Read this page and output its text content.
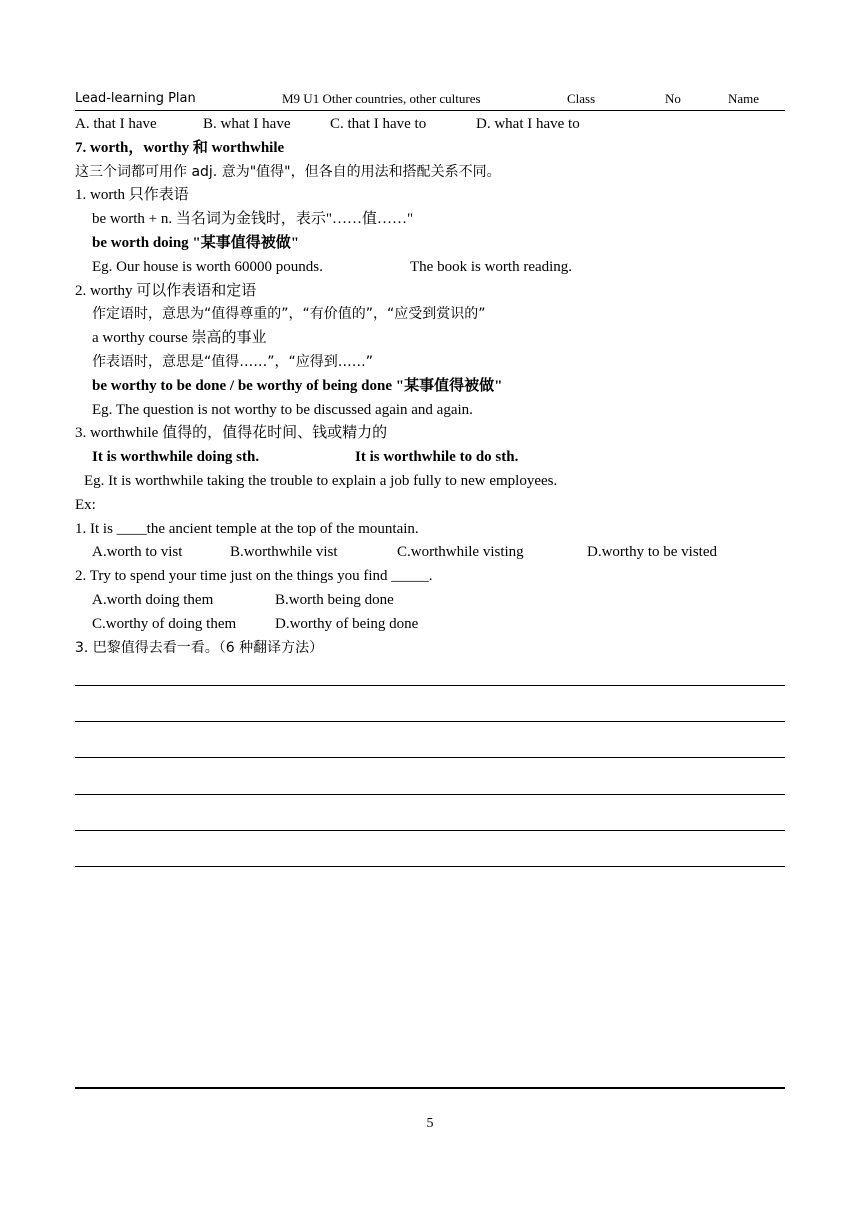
Lead-learning Plan	M9 U1 Other countries, other cultures	Class	No	Name
A. that I have	B. what I have	C. that I have to	D. what I have to
7. worth，worthy 和 worthwhile
这三个词都可用作 adj. 意为"值得"，但各自的用法和搭配关系不同。
1. worth 只作表语
be worth + n. 当名词为金钱时，表示"……值……"
be worth doing "某事值得被做"
Eg. Our house is worth 60000 pounds.	The book is worth reading.
2. worthy 可以作表语和定语
作定语时，意思为“值得尊重的”，“有价值的”，“应受到赏识的”
a worthy course 崇高的事业
作表语时，意思是“值得……”，“应得到……”
be worthy to be done / be worthy of being done "某事值得被做"
Eg. The question is not worthy to be discussed again and again.
3. worthwhile 值得的，值得花时间、钱或精力的
It is worthwhile doing sth.	It is worthwhile to do sth.
Eg. It is worthwhile taking the trouble to explain a job fully to new employees.
Ex:
1. It is ____the ancient temple at the top of the mountain.
A.worth to vist	B.worthwhile vist	C.worthwhile visting	D.worthy to be visted
2. Try to spend your time just on the things you find _____.
A.worth doing them	B.worth being done
C.worthy of doing them	D.worthy of being done
3. 巴黎值得去看一看。（6 种翻译方法）
5
